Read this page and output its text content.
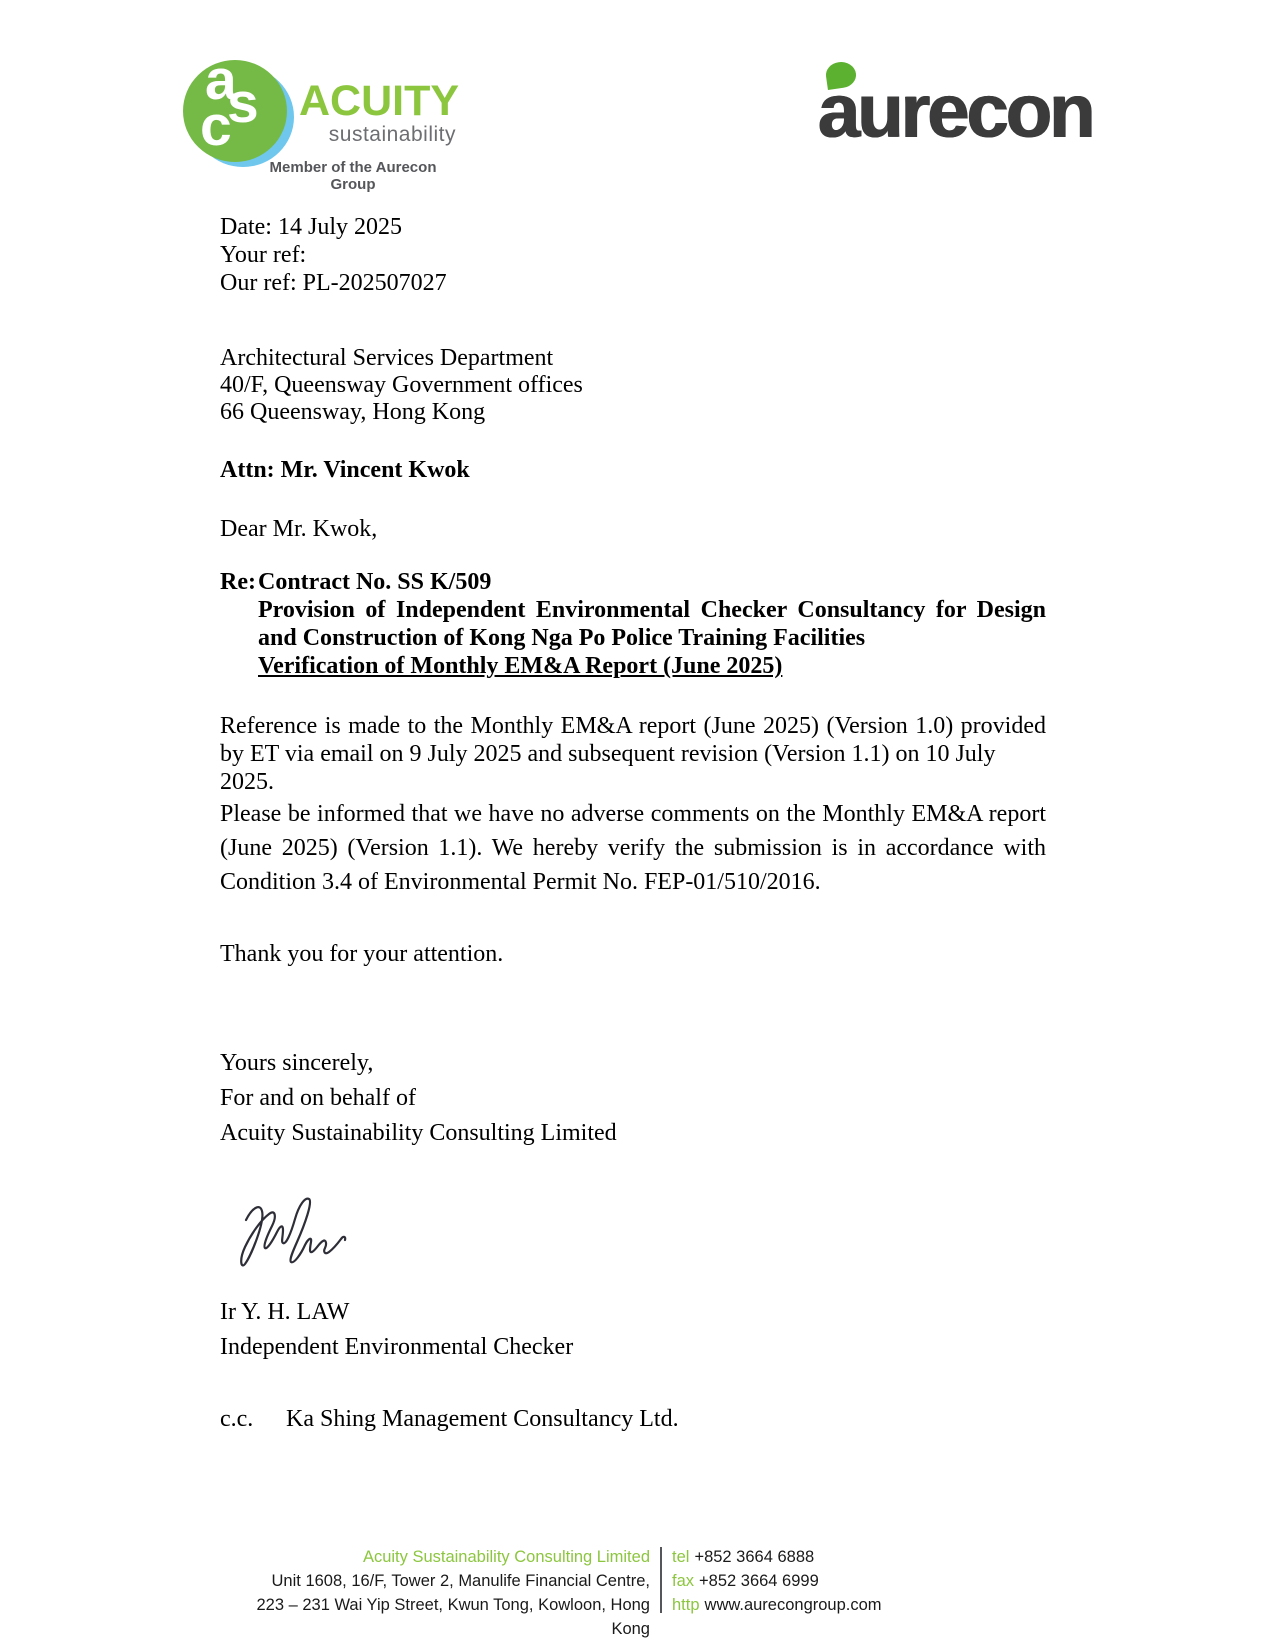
a
s
c ACUITY
sustainability
Member of the Aurecon Group
aurecon
Date: 14 July 2025
Your ref:
Our ref: PL-202507027
Architectural Services Department
40/F, Queensway Government offices
66 Queensway, Hong Kong
Attn: Mr. Vincent Kwok
Dear Mr. Kwok,
Re: Contract No. SS K/509
Provision of Independent Environmental Checker Consultancy for Design
and Construction of Kong Nga Po Police Training Facilities
Verification of Monthly EM&A Report (June 2025)
Reference is made to the Monthly EM&A report (June 2025) (Version 1.0) provided
by ET via email on 9 July 2025 and subsequent revision (Version 1.1) on 10 July 2025.
Please be informed that we have no adverse comments on the Monthly EM&A report
(June 2025) (Version 1.1). We hereby verify the submission is in accordance with
Condition 3.4 of Environmental Permit No. FEP-01/510/2016.
Thank you for your attention.
Yours sincerely,
For and on behalf of
Acuity Sustainability Consulting Limited
Ir Y. H. LAW
Independent Environmental Checker
c.c.	Ka Shing Management Consultancy Ltd.
Acuity Sustainability Consulting Limited
Unit 1608, 16/F, Tower 2, Manulife Financial Centre,
223 – 231 Wai Yip Street, Kwun Tong, Kowloon, Hong Kong
tel +852 3664 6888
fax +852 3664 6999
http www.aurecongroup.com
